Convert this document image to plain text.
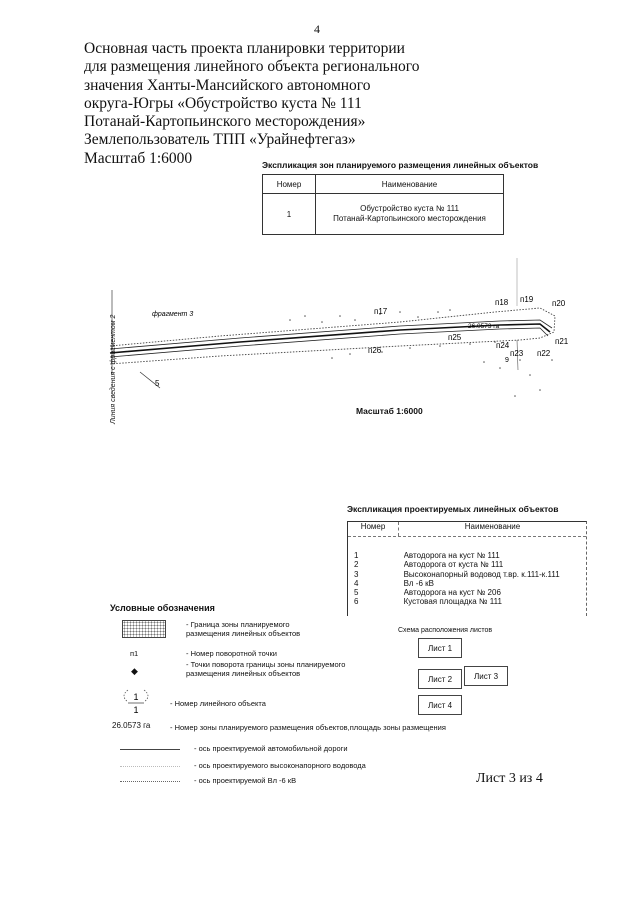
4
Основная часть проекта планировки территории
для размещения линейного объекта регионального
значения Ханты-Мансийского автономного
округа-Югры «Обустройство куста № 111
Потанай-Картопьинского месторождения»
Землепользователь ТПП «Урайнефтегаз»
Масштаб 1:6000	Экспликация зон планируемого размещения линейных объектов
Номер	Наименование
1	Обустройство куста № 111
Потанай-Картопьинского месторождения
фрагмент 3
5
п17
п18 п19 п20
п21
п22
п23
п24
п25
п26
9
26.0573 га
Линия сведения с фрагментом 2	Масштаб 1:6000
Экспликация проектируемых линейных объектов
Номер	Наименование
1	Автодорога на куст № 111
2	Автодорога от куста № 111
3	Высоконапорный водовод т.вр. к.111-к.111
4	Вл -6 кВ
5	Автодорога на куст № 206
6	Кустовая площадка № 111
Условные обозначения
- Граница зоны планируемого
размещения линейных объектов
п1	- Номер поворотной точки
◆
- Точки поворота границы зоны планируемого
размещения линейных объектов
1
1
- Номер линейного объекта
26.0573 га	- Номер зоны планируемого размещения объектов,площадь зоны размещения
- ось проектируемой автомобильной дороги
- ось проектируемого высоконапорного водовода
- ось проектируемой Вл -6 кВ
Схема расположения листов
Лист 1
Лист 2	Лист 3
Лист 4
Лист 3 из 4
